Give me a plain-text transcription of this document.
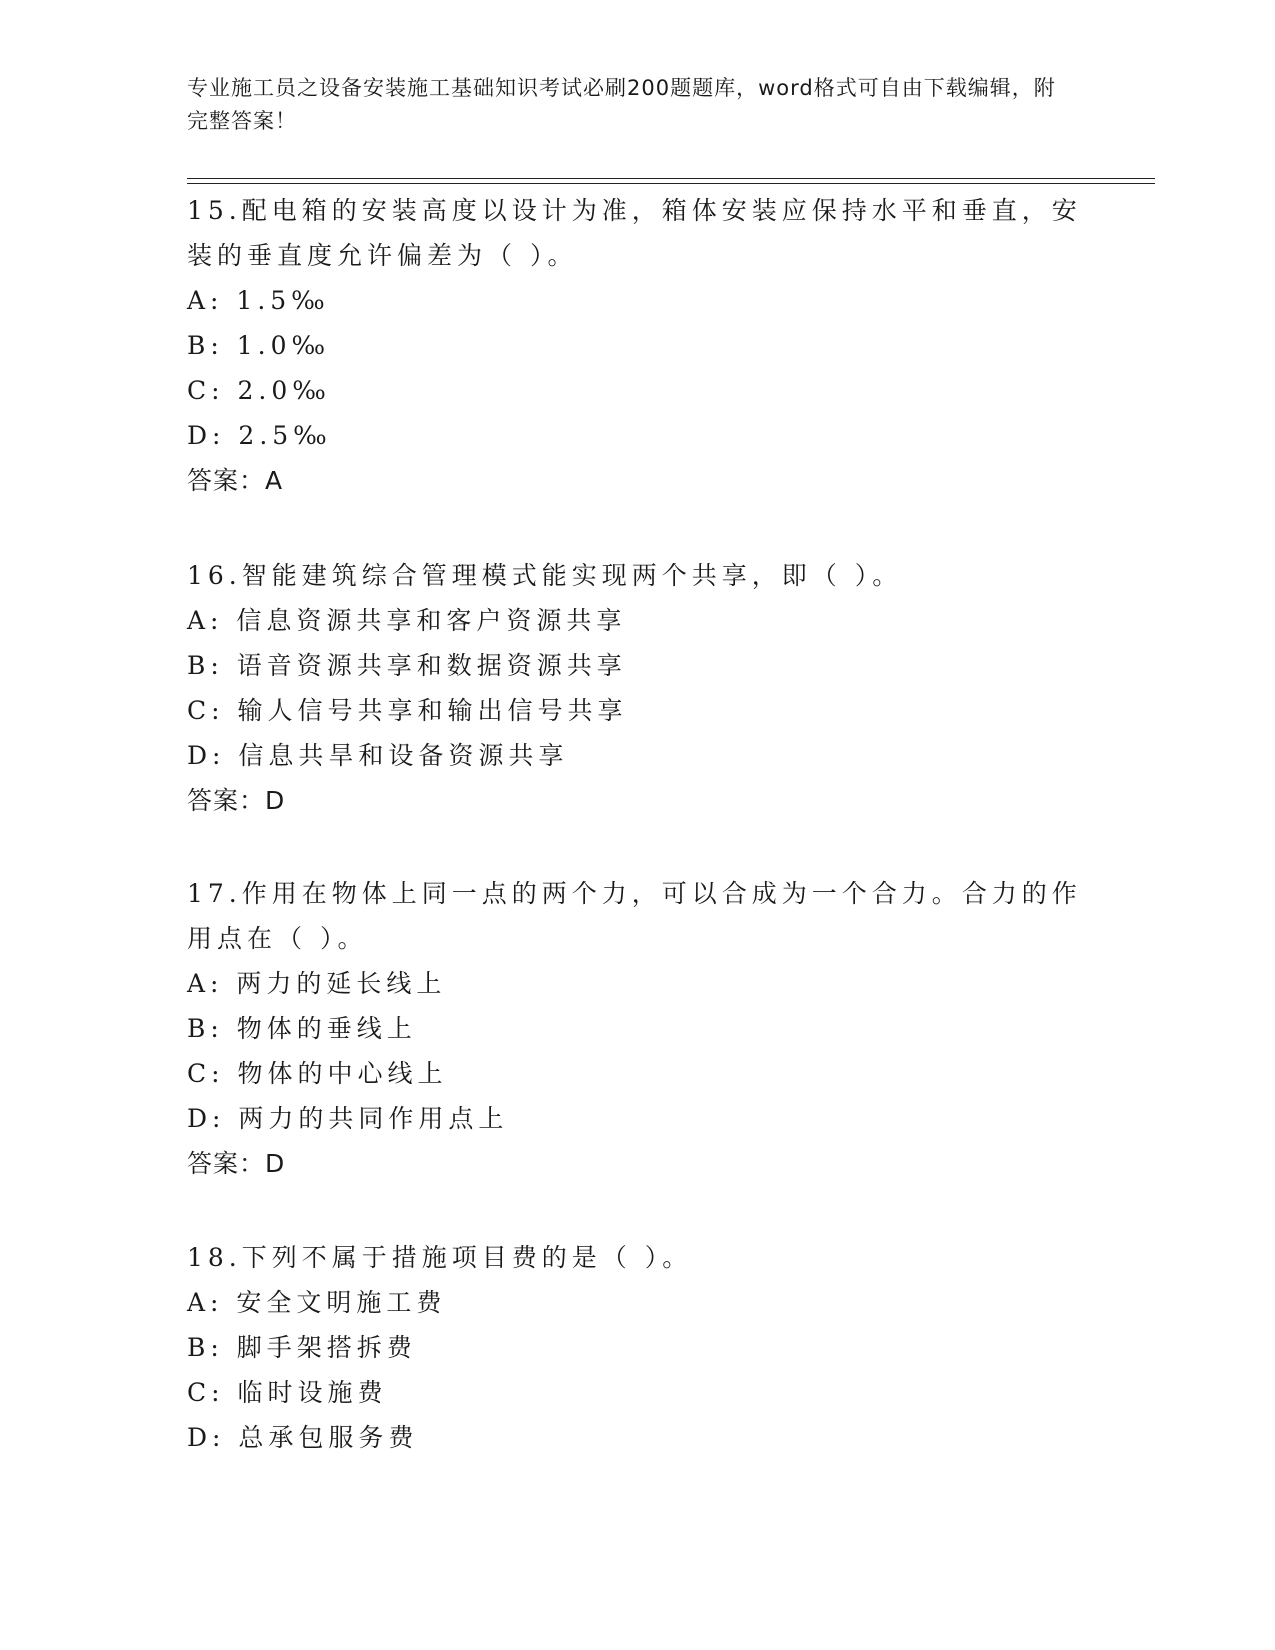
专业施工员之设备安装施工基础知识考试必刷200题题库，word格式可自由下载编辑，附完整答案！

15.配电箱的安装高度以设计为准，箱体安装应保持水平和垂直，安装的垂直度允许偏差为（ ）。

A: 1.5‰

B: 1.0‰

C: 2.0‰

D: 2.5‰

答案：A

16.智能建筑综合管理模式能实现两个共享，即（ ）。

A: 信息资源共享和客户资源共享

B: 语音资源共享和数据资源共享

C: 输人信号共享和输出信号共享

D: 信息共旱和设备资源共享

答案：D

17.作用在物体上同一点的两个力，可以合成为一个合力。合力的作用点在（ ）。

A: 两力的延长线上

B: 物体的垂线上

C: 物体的中心线上

D: 两力的共同作用点上

答案：D

18.下列不属于措施项目费的是（ ）。

A: 安全文明施工费

B: 脚手架搭拆费

C: 临时设施费

D: 总承包服务费
